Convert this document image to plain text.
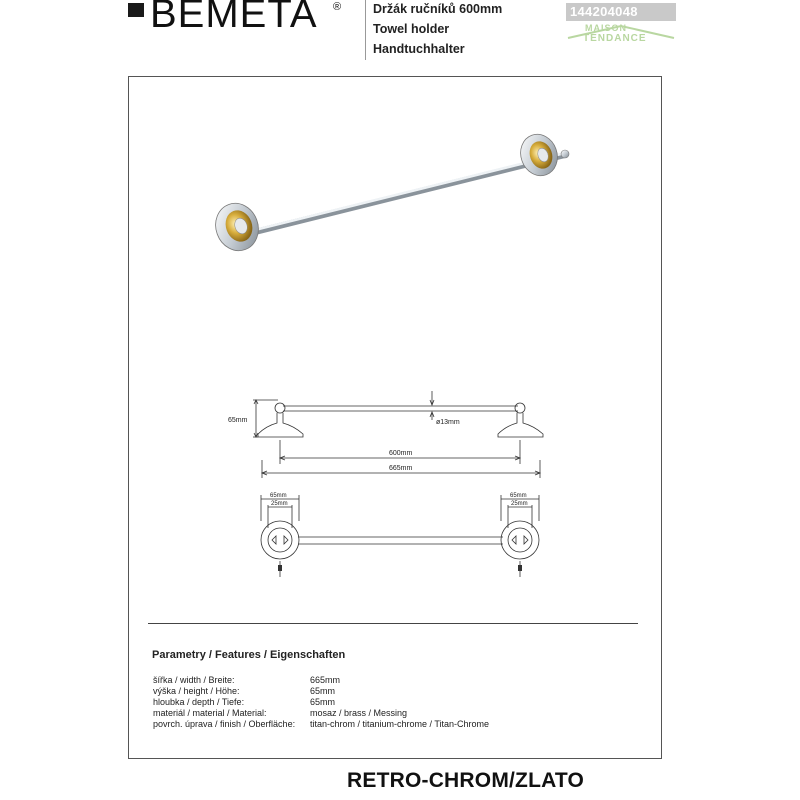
BEMETA ®	Držák ručníků 600mm
Towel holder
Handtuchhalter
144204048
MAISON
TENDANCE
65mm	ø13mm
600mm
665mm
65mm
25mm
65mm
25mm
Parametry / Features / Eigenschaften
šířka / width / Breite:	665mm
výška / height / Höhe:	65mm
hloubka / depth / Tiefe:	65mm
materiál / material / Material:	mosaz / brass / Messing
povrch. úprava / finish / Oberfläche: titan-chrom / titanium-chrome / Titan-Chrome
RETRO-CHROM/ZLATO
